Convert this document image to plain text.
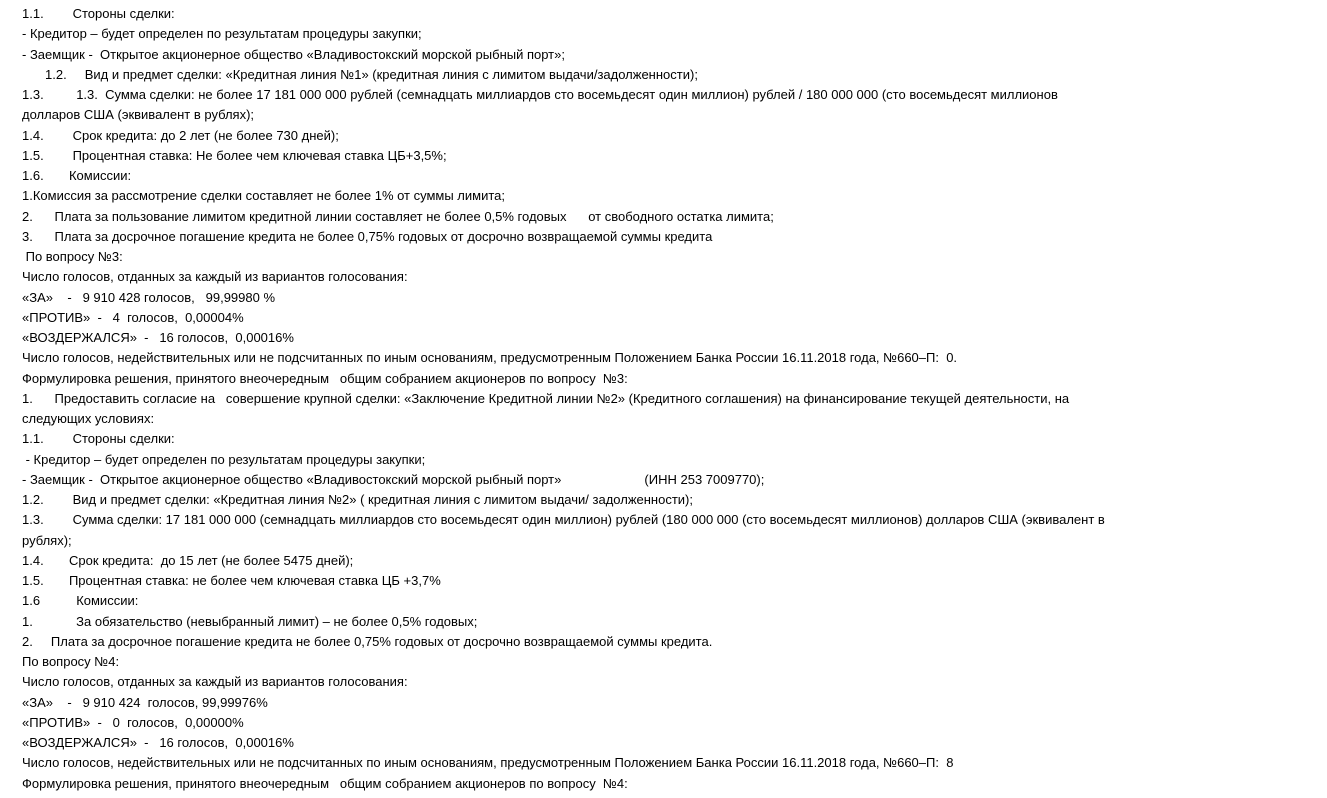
1.1.        Стороны сделки:
- Кредитор – будет определен по результатам процедуры закупки;
- Заемщик -  Открытое акционерное общество «Владивостокский морской рыбный порт»;
1.2.     Вид и предмет сделки: «Кредитная линия №1» (кредитная линия с лимитом выдачи/задолженности);
1.3.         1.3.  Сумма сделки: не более 17 181 000 000 рублей (семнадцать миллиардов сто восемьдесят один миллион) рублей / 180 000 000 (сто восемьдесят миллионов
долларов США (эквивалент в рублях);
1.4.        Срок кредита: до 2 лет (не более 730 дней);
1.5.        Процентная ставка: Не более чем ключевая ставка ЦБ+3,5%;
1.6.       Комиссии:
1.Комиссия за рассмотрение сделки составляет не более 1% от суммы лимита;
2.      Плата за пользование лимитом кредитной линии составляет не более 0,5% годовых      от свободного остатка лимита;
3.      Плата за досрочное погашение кредита не более 0,75% годовых от досрочно возвращаемой суммы кредита
По вопросу №3:
Число голосов, отданных за каждый из вариантов голосования:
«ЗА»    -   9 910 428 голосов,   99,99980 %
«ПРОТИВ»  -   4  голосов,  0,00004%
«ВОЗДЕРЖАЛСЯ»  -   16 голосов,  0,00016%
Число голосов, недействительных или не подсчитанных по иным основаниям, предусмотренным Положением Банка России 16.11.2018 года, №660–П:  0.
Формулировка решения, принятого внеочередным   общим собранием акционеров по вопросу  №3:
1.      Предоставить согласие на   совершение крупной сделки: «Заключение Кредитной линии №2» (Кредитного соглашения) на финансирование текущей деятельности, на
следующих условиях:
1.1.        Стороны сделки:
- Кредитор – будет определен по результатам процедуры закупки;
- Заемщик -  Открытое акционерное общество «Владивостокский морской рыбный порт»                       (ИНН 253 7009770);
1.2.        Вид и предмет сделки: «Кредитная линия №2» ( кредитная линия с лимитом выдачи/ задолженности);
1.3.        Сумма сделки: 17 181 000 000 (семнадцать миллиардов сто восемьдесят один миллион) рублей (180 000 000 (сто восемьдесят миллионов) долларов США (эквивалент в
рублях);
1.4.       Срок кредита:  до 15 лет (не более 5475 дней);
1.5.       Процентная ставка: не более чем ключевая ставка ЦБ +3,7%
1.6          Комиссии:
1.            За обязательство (невыбранный лимит) – не более 0,5% годовых;
2.     Плата за досрочное погашение кредита не более 0,75% годовых от досрочно возвращаемой суммы кредита.
По вопросу №4:
Число голосов, отданных за каждый из вариантов голосования:
«ЗА»    -   9 910 424  голосов, 99,99976%
«ПРОТИВ»  -   0  голосов,  0,00000%
«ВОЗДЕРЖАЛСЯ»  -   16 голосов,  0,00016%
Число голосов, недействительных или не подсчитанных по иным основаниям, предусмотренным Положением Банка России 16.11.2018 года, №660–П:  8
Формулировка решения, принятого внеочередным   общим собранием акционеров по вопросу  №4:
